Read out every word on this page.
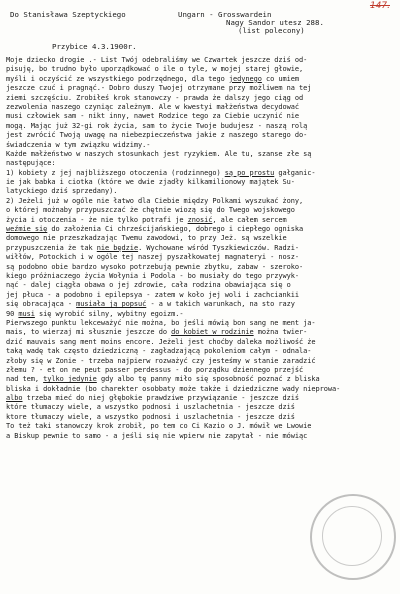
147.
Do Stanisława Szeptyckiego	Ungarn - Grosswardein
Nagy Sandor utesz 288.
(list polecony)
Przybice 4.3.1900r.
Moje dziecko drogie .- List Twój odebraliśmy we Czwartek jeszcze dziś od-
pisuję, bo trudno było uporządkować o ile o tyle, w mojej starej głowie,
myśli i oczyścić ze wszystkiego podrzędnego, dla tego jedynego co umiem
jeszcze czuć i pragnąć.- Dobro duszy Twojej otrzymane przy możliwem na tej
ziemi szczęściu. Zrobiłeś krok stanowczy - prawda że dalszy jego ciąg od
zezwolenia naszego czyniąc zależnym. Ale w kwestyi małżeństwa decydować
musi człowiek sam - nikt inny, nawet Rodzice tego za Ciebie uczynić nie
mogą. Mając już 32-gi rok życia, sam to życie Twoje budujesz - naszą rolą
jest zwrócić Twoją uwagę na niebezpieczeństwa jakie z naszego starego do-
świadczenia w tym związku widzimy.-
Każde małżeństwo w naszych stosunkach jest ryzykiem. Ale tu, szanse złe są
następujące:
1) kobiety z jej najbliższego otoczenia (rodzinnego) są po prostu gałganic-
ie jak babka i ciotka (które we dwie zjadły kilkamilionowy majątek Su-
latyckiego dziś sprzedany).
2) Jeżeli już w ogóle nie łatwo dla Ciebie między Polkami wyszukać żony,
o której możnaby przypuszczać że chętnie wiozą się do Twego wojskowego
życia i otoczenia - że nie tylko potrafi je znosić, ale całem sercem
weźmie się do założenia Ci chrześcijańskiego, dobrego i ciepłego ogniska
domowego nie przeszkadzając Twemu zawodowi, to przy Jeż. są wszelkie
przypuszczenia że tak nie będzie. Wychowane wśród Tyszkiewiczów. Radzi-
wiłłów, Potockich i w ogóle tej naszej pyszałkowatej magnateryi - nosz-
są podobno obie bardzo wysoko potrzebują pewnie zbytku, zabaw - szeroko-
kiego próżniaczego życia Wołynia i Podola - bo musiały do tego przywyk-
nąć - dalej ciągła obawa o jej zdrowie, cała rodzina obawiająca się o
jej płuca - a podobno i epilepsya - zatem w koło jej woli i zachciankii
się obracająca - musiała ją popsuć - a w takich warunkach, na sto razy
90 musi się wyrobić silny, wybitny egoizm.-
Pierwszego punktu lekceważyć nie można, bo jeśli mówią bon sang ne ment ja-
mais, to wierzaj mi słusznie jeszcze do do kobiet w rodzinie można twier-
dzić mauvais sang ment moins encore. Jeżeli jest choćby daleka możliwość że
taką wadę tak często dziedziczną - zagładzającą pokoleniom całym - odnala-
złoby się w Żonie - trzeba najpierw rozważyć czy jesteśmy w stanie zaradzić
złemu ? - et on ne peut passer perdessus - do porządku dziennego przejść
nad tem, tylko jedynie gdy albo tę panny miło się sposobność poznać z bliska
bliska i dokładnie (bo charekter osobbaty może także i dziedziczne wady nieprowa-
albo trzeba mieć do niej głębokie prawdziwe przywiązanie - jeszcze dziś
które tłumaczy wiele, a wszystko podnosi i uszlachetnia - jeszcze dziś
ktore tłumaczy wiele, a wszystko podnosi i uszlachetnia - jeszcze dziś
To też taki stanowczy krok zrobił, po tem co Ci Kazio o J. mówił we Lwowie
a Biskup pewnie to samo - a jeśli się nie wpierw nie zapytał - nie mówiąc
